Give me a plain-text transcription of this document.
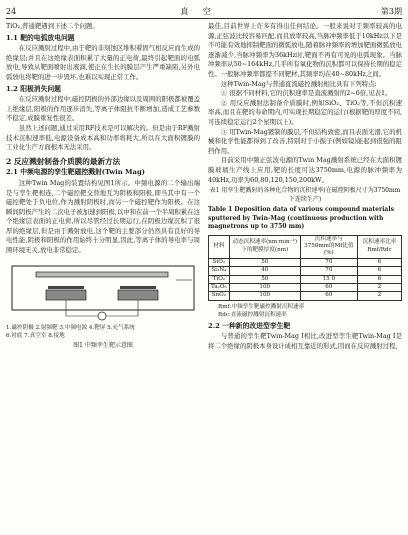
24	真 空	第3期

TiO₂,普通靶遇到下述二个问题。

1.1 靶的电弧放电问题

在反应溅射过程中,由于靶的非刻蚀区堆积着固气相反应而生成的绝缘层;并且在这绝缘表面积累了大量的正电荷,最终引起靶面的电弧放电,导致从靶面喷射出液滴,使正在生长的膜层产生严重缺陷,另外电弧放电将靶的进一步毁坏,也难以实现正常工作。

1.2 阳极消失问题

在反应溅射过程中,磁控阴极的外部边缘以及周围的阳极都被覆盖上绝缘层,阳极的作用逐步消失,等离子体阻抗不断增加,造成工艺参数不稳定,成膜重复性很差。

虽然上述问题,通过采用RF技术是可以解决的。但是由于RF溅射技术沉积速率低,电源设备成本高和功率将耗大,所以在大面积镀膜的工业化生产方面根本无法采用。

2 反应溅射制备介质膜的最新方法
2.1 中频电源的孪生靶磁控溅射(Twin Mag)

这种Twin Mag的装置结构见图1所示。中频电源的二个输出端是与孪生靶相连,二个磁控靶交替地互为阴极和阳极,即当其中有一个磁控靶处于负电位,作为溅射阴极时,而另一个磁控靶作为阳极。在这瞬间阴极产生的二次电子被加速到阳极,以中和在前一个半周积累在这个绝缘层表面的正电荷,所以尽管经过长期运行,在阴极边缘沉积了很厚的绝缘层,但是由于溅射放电,这个靶的主要部分仍然具有良好的导电性能,阴极和阳极的作用始终十分明显,因此,等离子体的导电率与周围环境无关,放电非常稳定。

1.磁控阴极 2.射频靶 3.中频电源 4.靶屏 5.充气系统
6.衬底 7.真空室 8.接地
图1 中频孪生靶示意图

最佳,目前世界上许多有得出任何结论。一般来说对于频率较高的电源,正弦波比较容易匹配,而且放率较高,当脉冲频率低于10kHz以下是不可能有效地抑制靶面的微弧放电,随着脉冲频率的增加靶面微弧放电逐渐减少,当脉冲频率为36kHz时,靶面不再有可见的电弧现象。当脉冲频率从50~164kHz,几乎所有氧化物的沉积都可以保持长期的稳定性。一般脉冲频率都提不同靶材,其频率均在40~80kHz之间。

这种Twin-Mag与普通直流磁控溅射相比具有下列特点:

① 很据不同材料,它的沉积速率是直流溅射的2~6倍,见表1。

② 用反应溅射法制备介质膜时,例如SiO₂、TiO₂等,不但沉积速率高,而且在靶的寿命期内,可实现长期稳定的运行(根据靶的厚度不同,可连续稳定运行2个星期以上)。

③ 用Twin-Mag镀制的膜层,不但结构致密,而且表面光滑,它的机械和化学性能都得到了改善,特别对于小振子(例如镜)能起到很强的阻挡作用。

目前采用中频正弦波电源的Twin Mag溅射系统已经在大面积镀膜玻璃生产线上应用,靶的长度可达3750mm,电源的脉冲频率为40kHz,功率为60,80,120,150,200kW。

表1 用孪生靶溅射的各种化合物的沉积速率(在磁控阴极尺寸为3750mm下连续生产)
Table 1 Deposition data of various compound materials sputtered by Twin-Mag (continuous production with magnetrons up to 3750 mm)
材料	动态沉积速率(nm·min⁻¹)下的靶膜厚度(nm)	沉积速率与3750mm的Mf比值(%)	沉积速率比率Rmf/Rdc
SiO₂	50	70	6
Si₃N₄	40	70	6
TiO₂	50	15 0	6
Ta₂O₅	100	60	2
SnO₂	100	60	2
Rmf:中频孪生靶磁控溅射沉积速率
Rdc:直流磁控溅射沉积速率
2.2 一种新的改进型孪生靶

与普通的孪生靶Twin-Mag I相比,改进型孪生靶Twin-Mag I是将二个绝缘的阴极本身设计成相互靠近的形式,因而在反应溅射过程,
